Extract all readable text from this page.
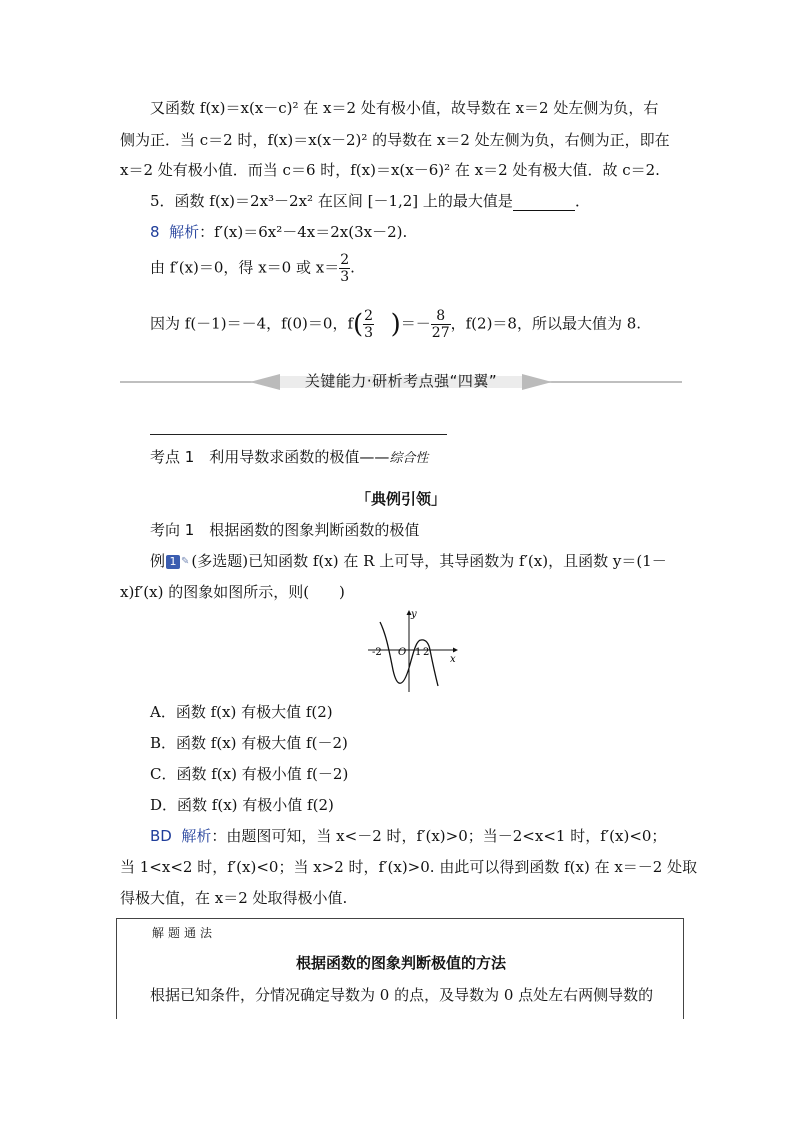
又函数 f(x)＝x(x－c)² 在 x＝2 处有极小值，故导数在 x＝2 处左侧为负，右
侧为正．当 c＝2 时，f(x)＝x(x－2)² 的导数在 x＝2 处左侧为负，右侧为正，即在
x＝2 处有极小值．而当 c＝6 时，f(x)＝x(x－6)² 在 x＝2 处有极大值．故 c＝2.
5．函数 f(x)＝2x³－2x² 在区间 [－1,2] 上的最大值是	．
8 解析：f′(x)＝6x²－4x＝2x(3x－2).
由 f′(x)＝0，得 x＝0 或 $x= \frac{2}{3}$ .
因为 f(－1)＝－4，f(0)＝0，$f( \frac{2}{3}$ )＝－ $\frac{8}{27}$ ，f(2)＝8，所以最大值为 8.
关键能力·研析考点强“四翼”
考点 1　利用导数求函数的极值——综合性
「典例引领」
考向 1　根据函数的图象判断函数的极值
例 1 ✎ (多选题)已知函数 f(x) 在 R 上可导，其导函数为 f′(x)，且函数 y＝(1－
x)f′(x) 的图象如图所示，则(　　)
y
x
-2 O 1 2
A．函数 f(x) 有极大值 f(2)
B．函数 f(x) 有极大值 f(－2)
C．函数 f(x) 有极小值 f(－2)
D．函数 f(x) 有极小值 f(2)
BD 解析：由题图可知，当 x<－2 时，f′(x)>0；当－2<x<1 时，f′(x)<0；
当 1<x<2 时，f′(x)<0；当 x>2 时，f′(x)>0. 由此可以得到函数 f(x) 在 x＝－2 处取
得极大值，在 x＝2 处取得极小值.
解题通法
根据函数的图象判断极值的方法
根据已知条件，分情况确定导数为 0 的点，及导数为 0 点处左右两侧导数的
